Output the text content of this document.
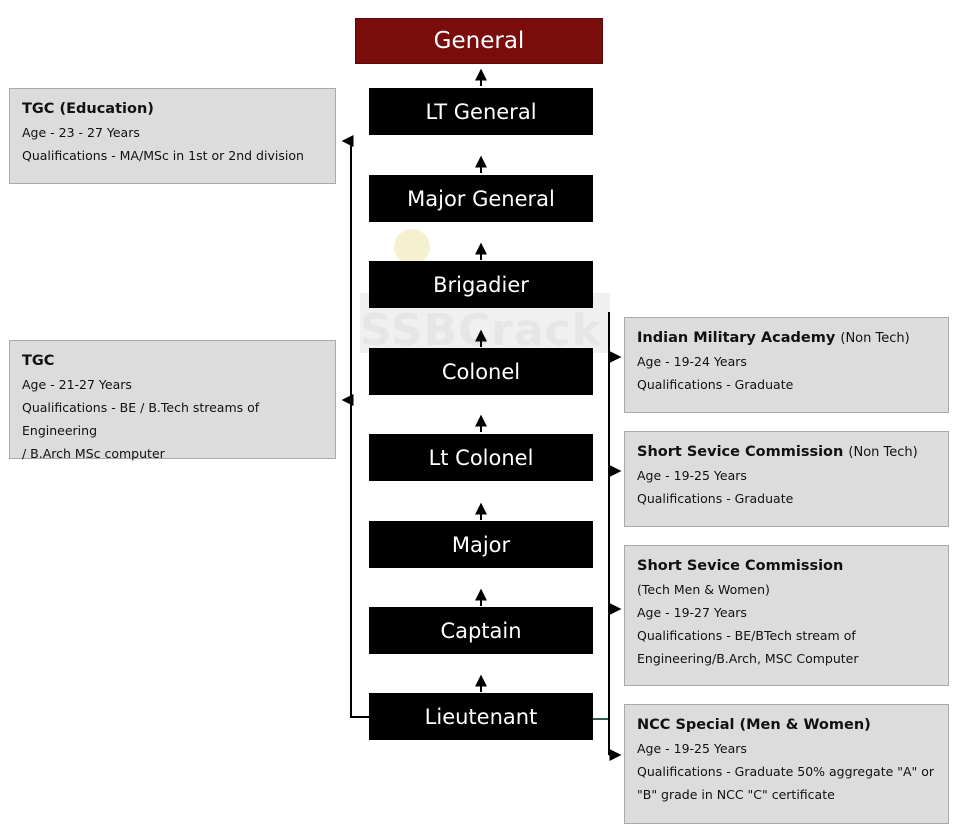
SSBCrack
General
LT General
Major General
Brigadier
Colonel
Lt Colonel
Major
Captain
Lieutenant
TGC (Education)
Age - 23 - 27 Years
Qualifications - MA/MSc in 1st or 2nd division
TGC
Age - 21-27 Years
Qualifications - BE / B.Tech streams of Engineering
/ B.Arch MSc computer
Indian Military Academy (Non Tech)
Age - 19-24 Years
Qualifications - Graduate
Short Sevice Commission (Non Tech)
Age - 19-25 Years
Qualifications - Graduate
Short Sevice Commission
(Tech Men & Women)
Age - 19-27 Years
Qualifications - BE/BTech stream of
Engineering/B.Arch, MSC Computer
NCC Special (Men & Women)
Age - 19-25 Years
Qualifications - Graduate 50% aggregate "A" or
"B" grade in NCC "C" certificate
